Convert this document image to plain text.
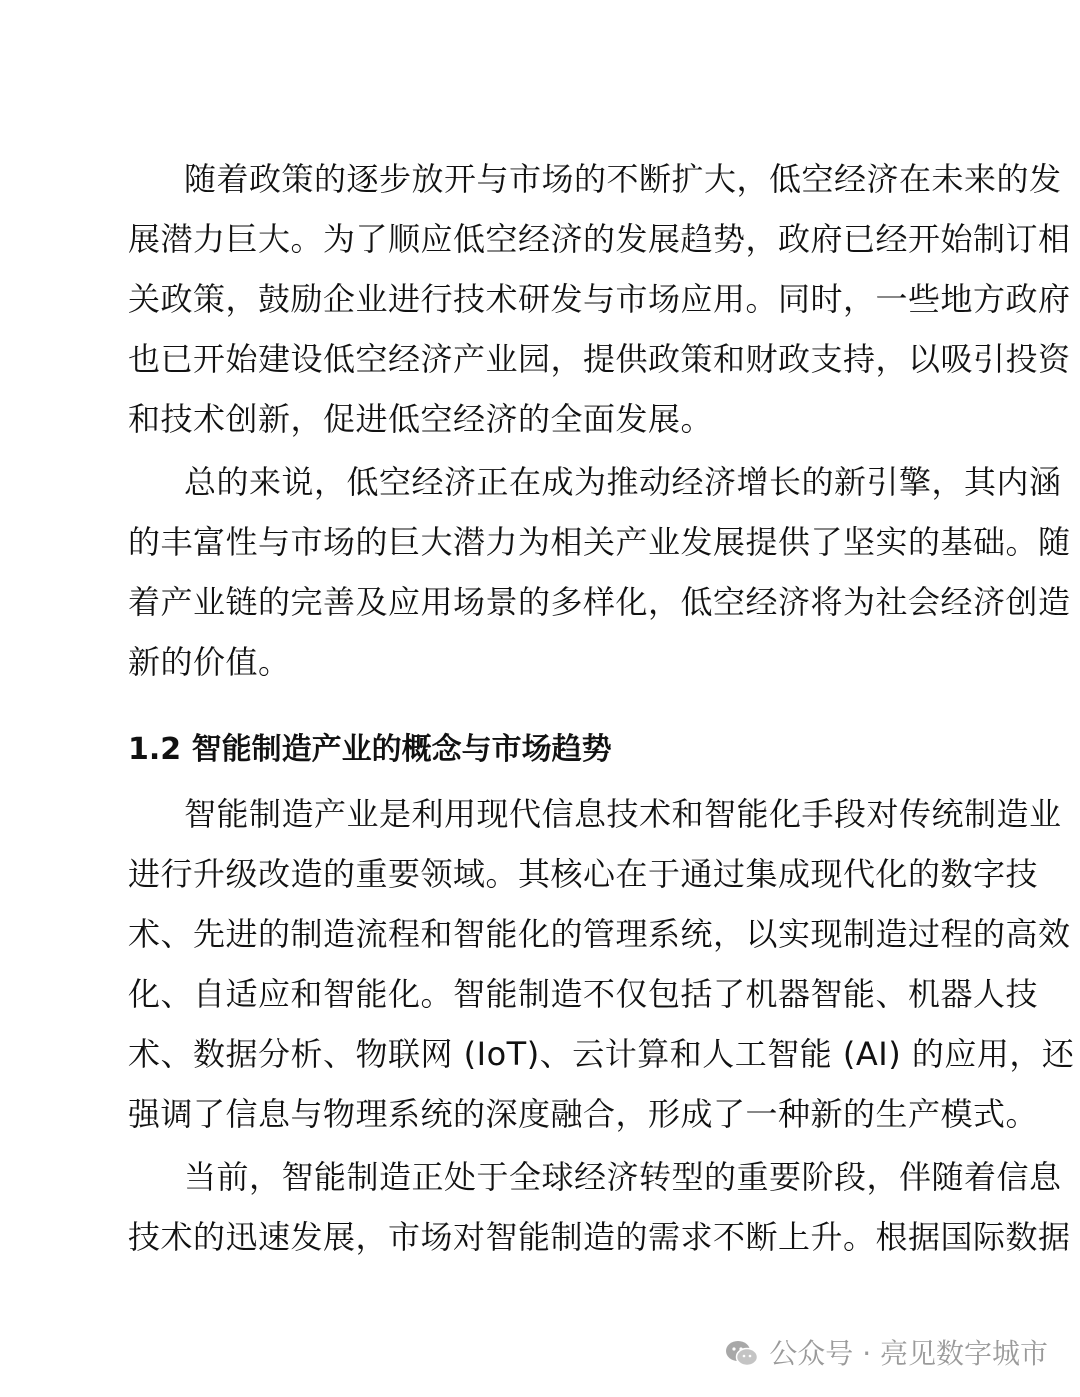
随着政策的逐步放开与市场的不断扩大，低空经济在未来的发
展潜力巨大。为了顺应低空经济的发展趋势，政府已经开始制订相
关政策，鼓励企业进行技术研发与市场应用。同时，一些地方政府
也已开始建设低空经济产业园，提供政策和财政支持，以吸引投资
和技术创新，促进低空经济的全面发展。
总的来说，低空经济正在成为推动经济增长的新引擎，其内涵
的丰富性与市场的巨大潜力为相关产业发展提供了坚实的基础。随
着产业链的完善及应用场景的多样化，低空经济将为社会经济创造
新的价值。
1.2 智能制造产业的概念与市场趋势
智能制造产业是利用现代信息技术和智能化手段对传统制造业
进行升级改造的重要领域。其核心在于通过集成现代化的数字技
术、先进的制造流程和智能化的管理系统，以实现制造过程的高效
化、自适应和智能化。智能制造不仅包括了机器智能、机器人技
术、数据分析、物联网 (IoT)、云计算和人工智能 (AI) 的应用，还
强调了信息与物理系统的深度融合，形成了一种新的生产模式。
当前，智能制造正处于全球经济转型的重要阶段，伴随着信息
技术的迅速发展，市场对智能制造的需求不断上升。根据国际数据
公众号 · 亮见数字城市
